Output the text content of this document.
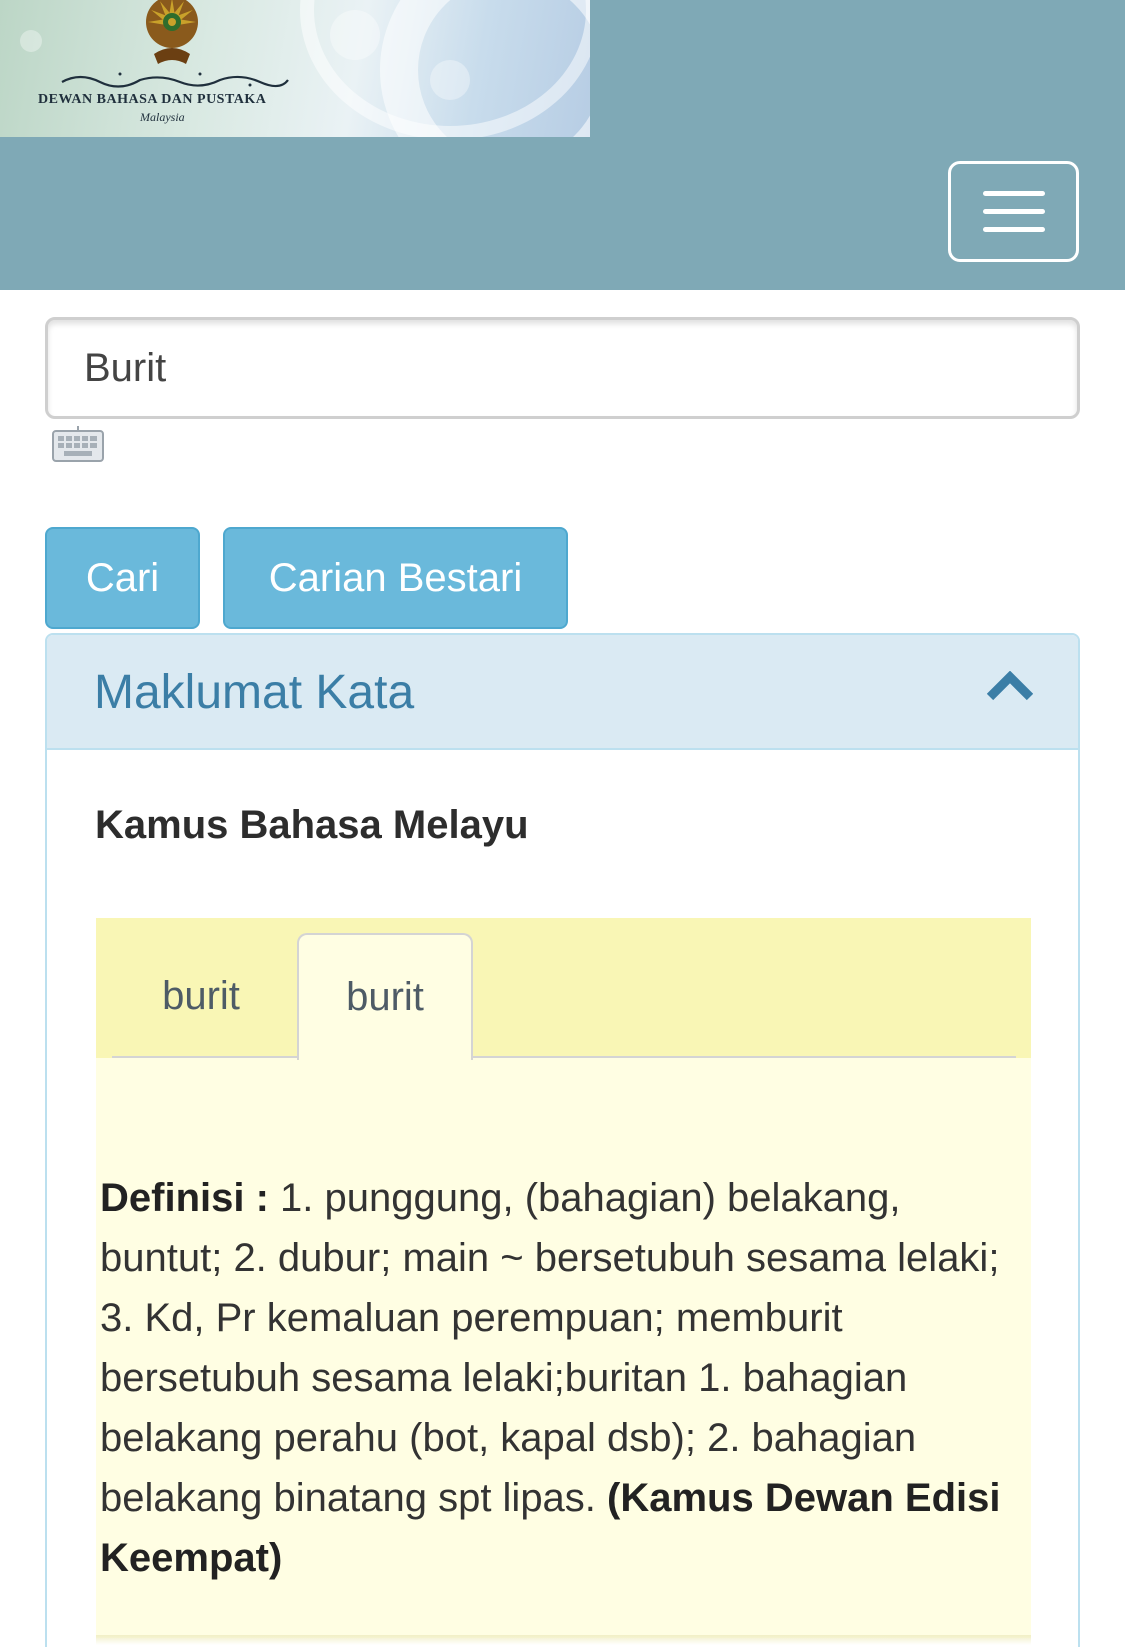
DEWAN BAHASA DAN PUSTAKA
Malaysia
Burit
Cari	Carian Bestari
Maklumat Kata
Kamus Bahasa Melayu
burit	burit
Definisi : 1. punggung, (bahagian) belakang, buntut; 2. dubur; main ~ bersetubuh sesama lelaki; 3. Kd, Pr kemaluan perempuan; memburit bersetubuh sesama lelaki;buritan 1. bahagian belakang perahu (bot, kapal dsb); 2. bahagian belakang binatang spt lipas. (Kamus Dewan Edisi Keempat)
